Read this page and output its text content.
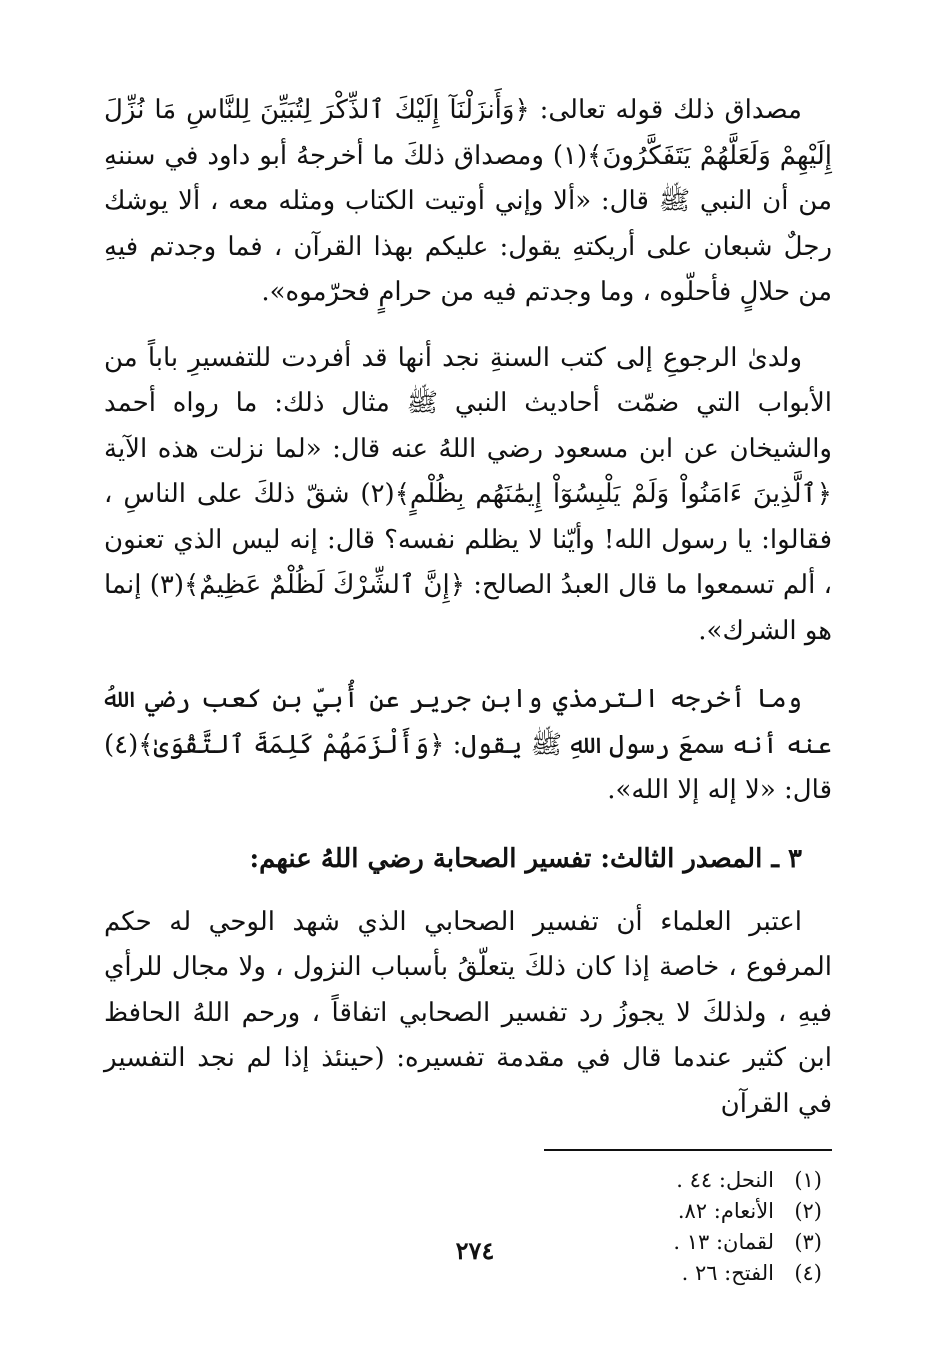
مصداق ذلك قوله تعالى: ﴿وَأَنزَلْنَآ إِلَيْكَ ٱلذِّكْرَ لِتُبَيِّنَ لِلنَّاسِ مَا نُزِّلَ إِلَيْهِمْ وَلَعَلَّهُمْ يَتَفَكَّرُونَ﴾(١) ومصداق ذلكَ ما أخرجهُ أبو داود في سننهِ من أن النبي ﷺ قال: «ألا وإني أوتيت الكتاب ومثله معه ، ألا يوشك رجلٌ شبعان على أريكتهِ يقول: عليكم بهذا القرآن ، فما وجدتم فيهِ من حلالٍ فأحلّوه ، وما وجدتم فيه من حرامٍ فحرّموه».

ولدىٰ الرجوعِ إلى كتب السنةِ نجد أنها قد أفردت للتفسيرِ باباً من الأبواب التي ضمّت أحاديث النبي ﷺ مثال ذلك: ما رواه أحمد والشيخان عن ابن مسعود رضي اللهُ عنه قال: «لما نزلت هذه الآية ﴿ٱلَّذِينَ ءَامَنُواْ وَلَمْ يَلْبِسُوٓاْ إِيمَٰنَهُم بِظُلْمٍ﴾(٢) شقّ ذلكَ على الناسِ ، فقالوا: يا رسول الله! وأيّنا لا يظلم نفسه؟ قال: إنه ليس الذي تعنون ، ألم تسمعوا ما قال العبدُ الصالح: ﴿إِنَّ ٱلشِّرْكَ لَظُلْمٌ عَظِيمٌ﴾(٣) إنما هو الشرك».

وما أخرجه الترمذي وابن جرير عن أُبيّ بن كعب رضي اللهُ عنه أنه سمعَ رسول اللهِ ﷺ يقول: ﴿وَأَلْزَمَهُمْ كَلِمَةَ ٱلتَّقْوَىٰ﴾(٤) قال: «لا إله إلا الله».

٣ ـ المصدر الثالث: تفسير الصحابة رضي اللهُ عنهم:

اعتبر العلماء أن تفسير الصحابي الذي شهد الوحي له حكم المرفوع ، خاصة إذا كان ذلكَ يتعلّقُ بأسباب النزول ، ولا مجال للرأي فيهِ ، ولذلكَ لا يجوزُ رد تفسير الصحابي اتفاقاً ، ورحم اللهُ الحافظ ابن كثير عندما قال في مقدمة تفسيره: (حينئذ إذا لم نجد التفسير في القرآن

(١)
النحل: ٤٤ .
(٢)
الأنعام: ٨٢.
(٣)
لقمان: ١٣ .
(٤)
الفتح: ٢٦ .
٢٧٤
